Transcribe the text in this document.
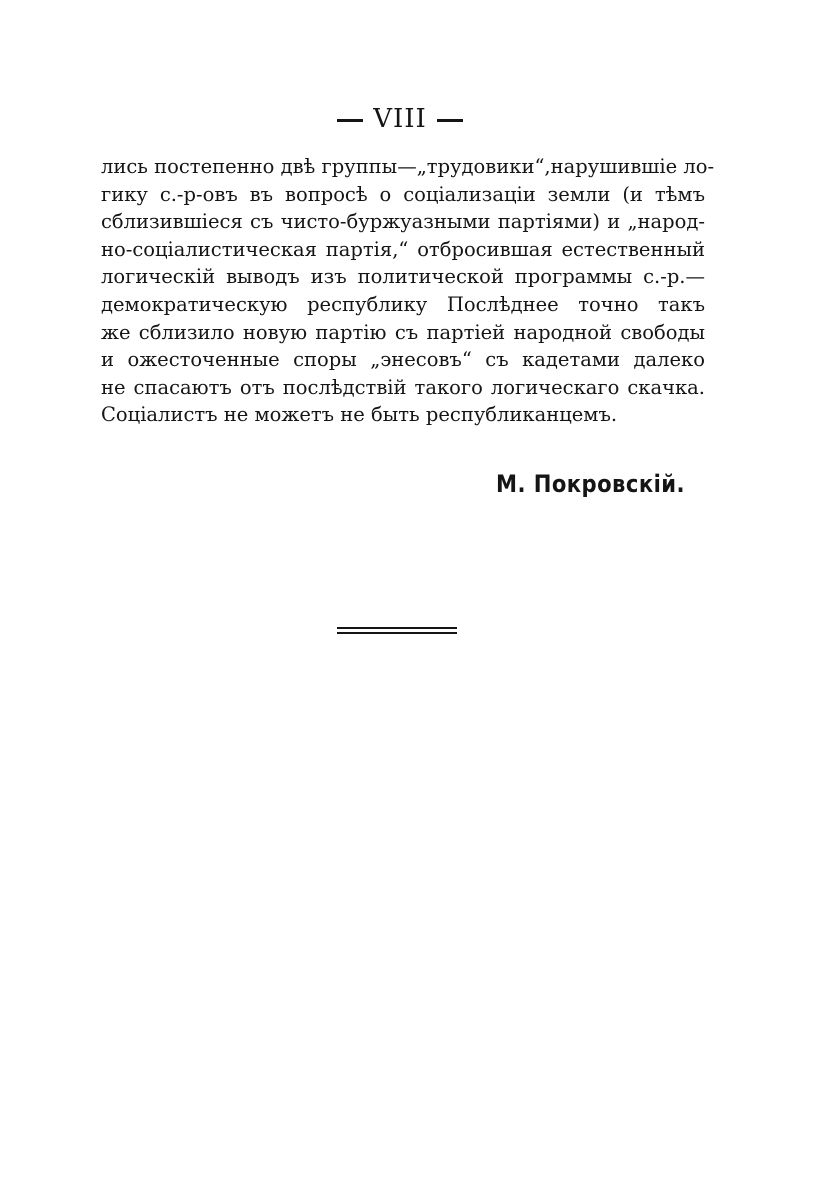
VIII
лись постепенно двѣ группы—„трудовики“,нарушившіе ло-
гику с.-р-овъ въ вопросѣ о соціализаціи земли (и тѣмъ
сблизившіеся съ чисто-буржуазными партіями) и „народ-
но-соціалистическая партія,“ отбросившая естественный
логическій выводъ изъ политической программы с.-р.—
демократическую республику Послѣднее точно такъ
же сблизило новую партію съ партіей народной свободы
и ожесточенные споры „энесовъ“ съ кадетами далеко
не спасаютъ отъ послѣдствій такого логическаго скачка.
Соціалистъ не можетъ не быть республиканцемъ.
М. Покровскій.
